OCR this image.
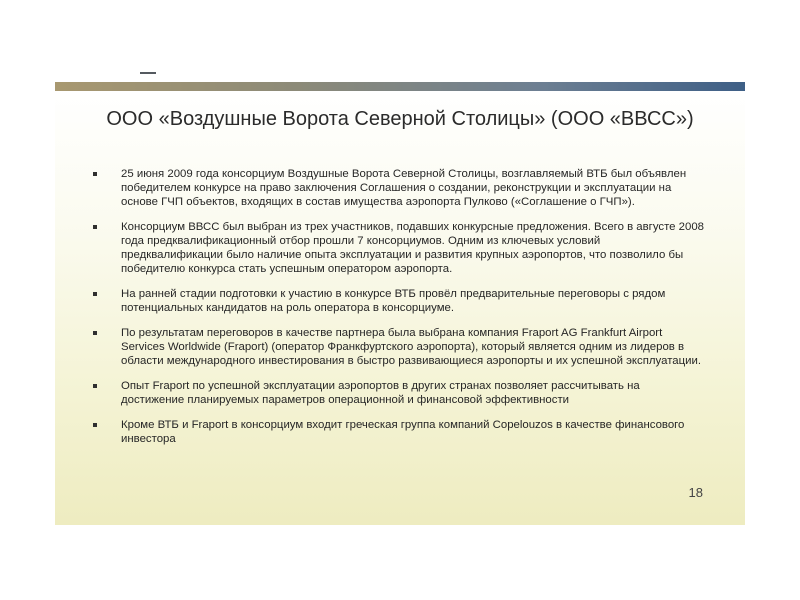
ООО «Воздушные Ворота Северной Столицы» (ООО «ВВСС»)
25 июня 2009 года консорциум Воздушные Ворота Северной Столицы, возглавляемый ВТБ был объявлен победителем конкурсе на право заключения Соглашения о создании, реконструкции и эксплуатации на основе ГЧП объектов, входящих в состав имущества аэропорта Пулково («Соглашение о ГЧП»).
Консорциум ВВСС был выбран из трех участников, подавших конкурсные предложения. Всего в августе 2008 года предквалификационный отбор прошли 7 консорциумов. Одним из ключевых условий предквалификации было наличие опыта эксплуатации и развития крупных аэропортов, что позволило бы победителю конкурса стать успешным оператором аэропорта.
На ранней стадии подготовки к участию в конкурсе ВТБ провёл предварительные переговоры с рядом потенциальных кандидатов на роль оператора в консорциуме.
По результатам переговоров в качестве партнера была выбрана компания Fraport AG Frankfurt Airport Services Worldwide (Fraport) (оператор Франкфуртского аэропорта), который является одним из лидеров в области международного инвестирования в быстро развивающиеся аэропорты и их успешной эксплуатации.
Опыт Fraport по успешной эксплуатации аэропортов в других странах позволяет рассчитывать на достижение планируемых параметров операционной и финансовой эффективности
Кроме ВТБ и Fraport в консорциум входит греческая группа компаний Copelouzos в качестве финансового инвестора
18
